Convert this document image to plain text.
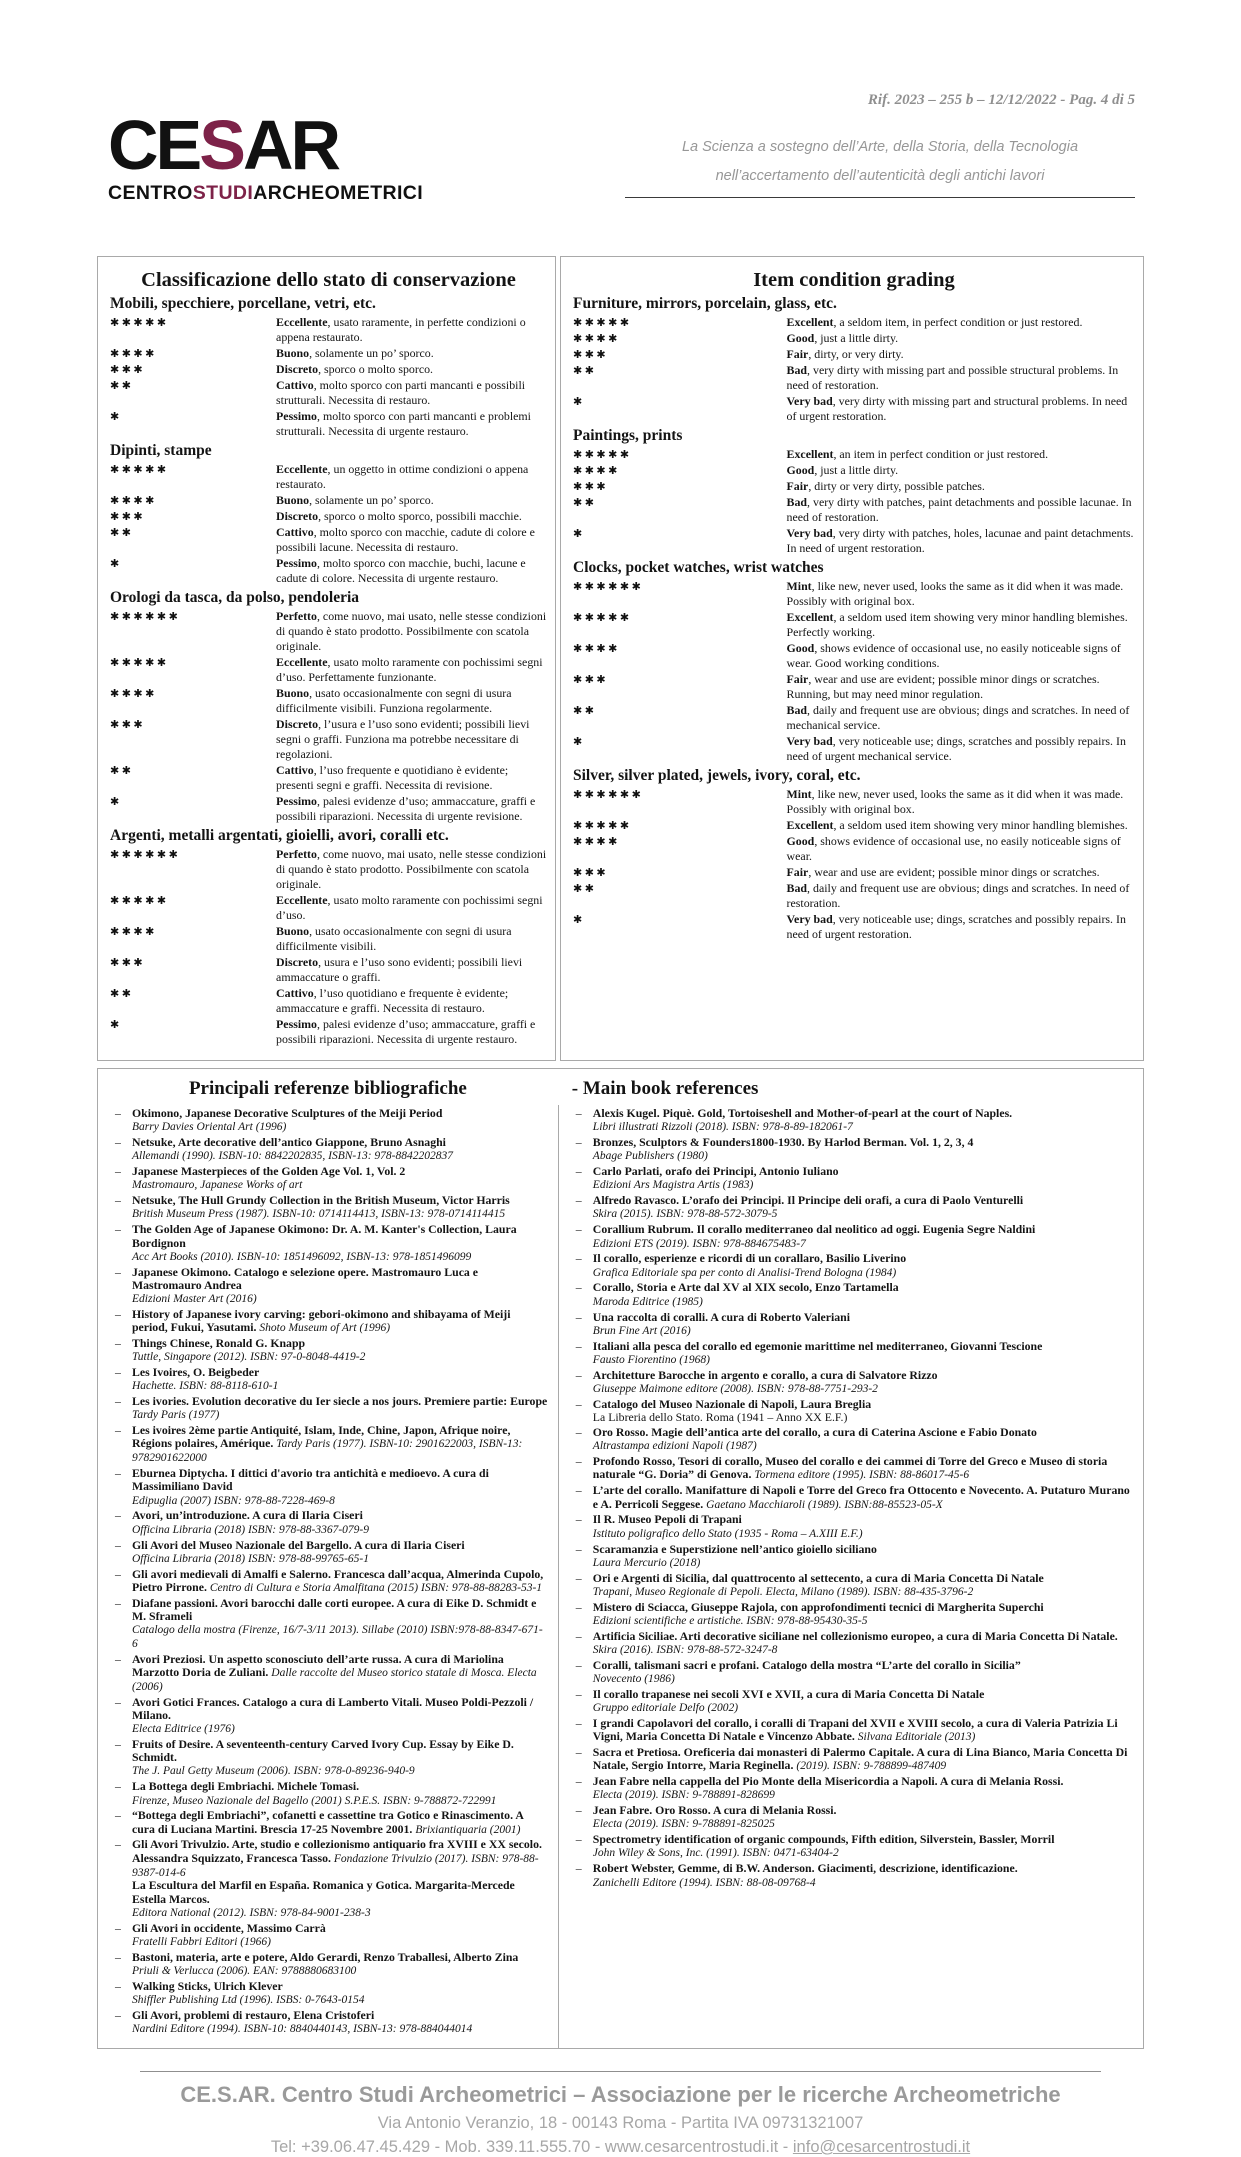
CESAR
CENTROSTUDIARCHEOMETRICI
Rif. 2023 – 255 b – 12/12/2022 - Pag. 4 di 5
La Scienza a sostegno dell’Arte, della Storia, della Tecnologia
nell’accertamento dell’autenticità degli antichi lavori
Classificazione dello stato di conservazione
Mobili, specchiere, porcellane, vetri, etc.
✱✱✱✱✱	Eccellente, usato raramente, in perfette condizioni o appena restaurato.
✱✱✱✱	Buono, solamente un po’ sporco.
✱✱✱	Discreto, sporco o molto sporco.
✱✱	Cattivo, molto sporco con parti mancanti e possibili strutturali. Necessita di restauro.
✱	Pessimo, molto sporco con parti mancanti e problemi strutturali. Necessita di urgente restauro.
Dipinti, stampe
✱✱✱✱✱	Eccellente, un oggetto in ottime condizioni o appena restaurato.
✱✱✱✱	Buono, solamente un po’ sporco.
✱✱✱	Discreto, sporco o molto sporco, possibili macchie.
✱✱	Cattivo, molto sporco con macchie, cadute di colore e possibili lacune. Necessita di restauro.
✱	Pessimo, molto sporco con macchie, buchi, lacune e cadute di colore. Necessita di urgente restauro.
Orologi da tasca, da polso, pendoleria
✱✱✱✱✱✱	Perfetto, come nuovo, mai usato, nelle stesse condizioni di quando è stato prodotto. Possibilmente con scatola originale.
✱✱✱✱✱	Eccellente, usato molto raramente con pochissimi segni d’uso. Perfettamente funzionante.
✱✱✱✱	Buono, usato occasionalmente con segni di usura difficilmente visibili. Funziona regolarmente.
✱✱✱	Discreto, l’usura e l’uso sono evidenti; possibili lievi segni o graffi. Funziona ma potrebbe necessitare di regolazioni.
✱✱	Cattivo, l’uso frequente e quotidiano è evidente; presenti segni e graffi. Necessita di revisione.
✱	Pessimo, palesi evidenze d’uso; ammaccature, graffi e possibili riparazioni. Necessita di urgente revisione.
Argenti, metalli argentati, gioielli, avori, coralli etc.
✱✱✱✱✱✱	Perfetto, come nuovo, mai usato, nelle stesse condizioni di quando è stato prodotto. Possibilmente con scatola originale.
✱✱✱✱✱	Eccellente, usato molto raramente con pochissimi segni d’uso.
✱✱✱✱	Buono, usato occasionalmente con segni di usura difficilmente visibili.
✱✱✱	Discreto, usura e l’uso sono evidenti; possibili lievi ammaccature o graffi.
✱✱	Cattivo, l’uso quotidiano e frequente è evidente; ammaccature e graffi. Necessita di restauro.
✱	Pessimo, palesi evidenze d’uso; ammaccature, graffi e possibili riparazioni. Necessita di urgente restauro.
Item condition grading
Furniture, mirrors, porcelain, glass, etc.
✱✱✱✱✱	Excellent, a seldom item, in perfect condition or just restored.
✱✱✱✱	Good, just a little dirty.
✱✱✱	Fair, dirty, or very dirty.
✱✱	Bad, very dirty with missing part and possible structural problems. In need of restoration.
✱	Very bad, very dirty with missing part and structural problems. In need of urgent restoration.
Paintings, prints
✱✱✱✱✱	Excellent, an item in perfect condition or just restored.
✱✱✱✱	Good, just a little dirty.
✱✱✱	Fair, dirty or very dirty, possible patches.
✱✱	Bad, very dirty with patches, paint detachments and possible lacunae. In need of restoration.
✱	Very bad, very dirty with patches, holes, lacunae and paint detachments. In need of urgent restoration.
Clocks, pocket watches, wrist watches
✱✱✱✱✱✱	Mint, like new, never used, looks the same as it did when it was made. Possibly with original box.
✱✱✱✱✱	Excellent, a seldom used item showing very minor handling blemishes. Perfectly working.
✱✱✱✱	Good, shows evidence of occasional use, no easily noticeable signs of wear. Good working conditions.
✱✱✱	Fair, wear and use are evident; possible minor dings or scratches. Running, but may need minor regulation.
✱✱	Bad, daily and frequent use are obvious; dings and scratches. In need of mechanical service.
✱	Very bad, very noticeable use; dings, scratches and possibly repairs. In need of urgent mechanical service.
Silver, silver plated, jewels, ivory, coral, etc.
✱✱✱✱✱✱	Mint, like new, never used, looks the same as it did when it was made. Possibly with original box.
✱✱✱✱✱	Excellent, a seldom used item showing very minor handling blemishes.
✱✱✱✱	Good, shows evidence of occasional use, no easily noticeable signs of wear.
✱✱✱	Fair, wear and use are evident; possible minor dings or scratches.
✱✱	Bad, daily and frequent use are obvious; dings and scratches. In need of restoration.
✱	Very bad, very noticeable use; dings, scratches and possibly repairs. In need of urgent restoration.
Principali referenze bibliografiche	- Main book references
– Okimono, Japanese Decorative Sculptures of the Meiji Period
Barry Davies Oriental Art (1996)
– Netsuke, Arte decorative dell’antico Giappone, Bruno Asnaghi
Allemandi (1990). ISBN-10: 8842202835, ISBN-13: 978-8842202837
– Japanese Masterpieces of the Golden Age Vol. 1, Vol. 2
Mastromauro, Japanese Works of art
– Netsuke, The Hull Grundy Collection in the British Museum, Victor Harris
British Museum Press (1987). ISBN-10: 0714114413, ISBN-13: 978-0714114415
– The Golden Age of Japanese Okimono: Dr. A. M. Kanter's Collection, Laura Bordignon
Acc Art Books (2010). ISBN-10: 1851496092, ISBN-13: 978-1851496099
– Japanese Okimono. Catalogo e selezione opere. Mastromauro Luca e Mastromauro Andrea
Edizioni Master Art (2016)
– History of Japanese ivory carving: gebori-okimono and shibayama of Meiji period, Fukui, Yasutami. Shoto Museum of Art (1996)
– Things Chinese, Ronald G. Knapp
Tuttle, Singapore (2012). ISBN: 97-0-8048-4419-2
– Les Ivoires, O. Beigbeder
Hachette. ISBN: 88-8118-610-1
– Les ivories. Evolution decorative du Ier siecle a nos jours. Premiere partie: Europe
Tardy Paris (1977)
– Les ivoires 2ème partie Antiquité, Islam, Inde, Chine, Japon, Afrique noire, Régions polaires, Amérique. Tardy Paris (1977). ISBN-10: 2901622003, ISBN-13: 9782901622000
– Eburnea Diptycha. I dittici d'avorio tra antichità e medioevo. A cura di Massimiliano David
Edipuglia (2007) ISBN: 978-88-7228-469-8
– Avori, un’introduzione. A cura di Ilaria Ciseri
Officina Libraria (2018) ISBN: 978-88-3367-079-9
– Gli Avori del Museo Nazionale del Bargello. A cura di Ilaria Ciseri
Officina Libraria (2018) ISBN: 978-88-99765-65-1
– Gli avori medievali di Amalfi e Salerno. Francesca dall’acqua, Almerinda Cupolo, Pietro Pirrone. Centro di Cultura e Storia Amalfitana (2015) ISBN: 978-88-88283-53-1
– Diafane passioni. Avori barocchi dalle corti europee. A cura di Eike D. Schmidt e M. Sframeli
Catalogo della mostra (Firenze, 16/7-3/11 2013). Sillabe (2010) ISBN:978-88-8347-671-6
– Avori Preziosi. Un aspetto sconosciuto dell’arte russa. A cura di Mariolina Marzotto Doria de Zuliani. Dalle raccolte del Museo storico statale di Mosca. Electa (2006)
– Avori Gotici Frances. Catalogo a cura di Lamberto Vitali. Museo Poldi-Pezzoli / Milano.
Electa Editrice (1976)
– Fruits of Desire. A seventeenth-century Carved Ivory Cup. Essay by Eike D. Schmidt.
The J. Paul Getty Museum (2006). ISBN: 978-0-89236-940-9
– La Bottega degli Embriachi. Michele Tomasi.
Firenze, Museo Nazionale del Bagello (2001) S.P.E.S. ISBN: 9-788872-722991
– “Bottega degli Embriachi”, cofanetti e cassettine tra Gotico e Rinascimento. A cura di Luciana Martini. Brescia 17-25 Novembre 2001. Brixiantiquaria (2001)
– Gli Avori Trivulzio. Arte, studio e collezionismo antiquario fra XVIII e XX secolo. Alessandra Squizzato, Francesca Tasso. Fondazione Trivulzio (2017). ISBN: 978-88-9387-014-6
La Escultura del Marfil en España. Romanica y Gotica. Margarita-Mercede Estella Marcos.
Editora National (2012). ISBN: 978-84-9001-238-3
– Gli Avori in occidente, Massimo Carrà
Fratelli Fabbri Editori (1966)
– Bastoni, materia, arte e potere, Aldo Gerardi, Renzo Traballesi, Alberto Zina
Priuli & Verlucca (2006). EAN: 9788880683100
– Walking Sticks, Ulrich Klever
Shiffler Publishing Ltd (1996). ISBS: 0-7643-0154
– Gli Avori, problemi di restauro, Elena Cristoferi
Nardini Editore (1994). ISBN-10: 8840440143, ISBN-13: 978-884044014
– Alexis Kugel. Piquè. Gold, Tortoiseshell and Mother-of-pearl at the court of Naples.
Libri illustrati Rizzoli (2018). ISBN: 978-8-89-182061-7
– Bronzes, Sculptors & Founders1800-1930. By Harlod Berman. Vol. 1, 2, 3, 4
Abage Publishers (1980)
– Carlo Parlati, orafo dei Principi, Antonio Iuliano
Edizioni Ars Magistra Artis (1983)
– Alfredo Ravasco. L’orafo dei Principi. Il Principe deli orafi, a cura di Paolo Venturelli
Skira (2015). ISBN: 978-88-572-3079-5
– Corallium Rubrum. Il corallo mediterraneo dal neolitico ad oggi. Eugenia Segre Naldini
Edizioni ETS (2019). ISBN: 978-884675483-7
– Il corallo, esperienze e ricordi di un corallaro, Basilio Liverino
Grafica Editoriale spa per conto di Analisi-Trend Bologna (1984)
– Corallo, Storia e Arte dal XV al XIX secolo, Enzo Tartamella
Maroda Editrice (1985)
– Una raccolta di coralli. A cura di Roberto Valeriani
Brun Fine Art (2016)
– Italiani alla pesca del corallo ed egemonie marittime nel mediterraneo, Giovanni Tescione
Fausto Fiorentino (1968)
– Architetture Barocche in argento e corallo, a cura di Salvatore Rizzo
Giuseppe Maimone editore (2008). ISBN: 978-88-7751-293-2
– Catalogo del Museo Nazionale di Napoli, Laura Breglia
La Libreria dello Stato. Roma (1941 – Anno XX E.F.)
– Oro Rosso. Magie dell’antica arte del corallo, a cura di Caterina Ascione e Fabio Donato
Altrastampa edizioni Napoli (1987)
– Profondo Rosso, Tesori di corallo, Museo del corallo e dei cammei di Torre del Greco e Museo di storia naturale “G. Doria” di Genova. Tormena editore (1995). ISBN: 88-86017-45-6
– L’arte del corallo. Manifatture di Napoli e Torre del Greco fra Ottocento e Novecento. A. Putaturo Murano e A. Perricoli Seggese. Gaetano Macchiaroli (1989). ISBN:88-85523-05-X
– Il R. Museo Pepoli di Trapani
Istituto poligrafico dello Stato (1935 - Roma – A.XIII E.F.)
– Scaramanzia e Superstizione nell’antico gioiello siciliano
Laura Mercurio (2018)
– Ori e Argenti di Sicilia, dal quattrocento al settecento, a cura di Maria Concetta Di Natale
Trapani, Museo Regionale di Pepoli. Electa, Milano (1989). ISBN: 88-435-3796-2
– Mistero di Sciacca, Giuseppe Rajola, con approfondimenti tecnici di Margherita Superchi
Edizioni scientifiche e artistiche. ISBN: 978-88-95430-35-5
– Artificia Siciliae. Arti decorative siciliane nel collezionismo europeo, a cura di Maria Concetta Di Natale. Skira (2016). ISBN: 978-88-572-3247-8
– Coralli, talismani sacri e profani. Catalogo della mostra “L’arte del corallo in Sicilia”
Novecento (1986)
– Il corallo trapanese nei secoli XVI e XVII, a cura di Maria Concetta Di Natale
Gruppo editoriale Delfo (2002)
– I grandi Capolavori del corallo, i coralli di Trapani del XVII e XVIII secolo, a cura di Valeria Patrizia Li Vigni, Maria Concetta Di Natale e Vincenzo Abbate. Silvana Editoriale (2013)
– Sacra et Pretiosa. Oreficeria dai monasteri di Palermo Capitale. A cura di Lina Bianco, Maria Concetta Di Natale, Sergio Intorre, Maria Reginella. (2019). ISBN: 9-788899-487409
– Jean Fabre nella cappella del Pio Monte della Misericordia a Napoli. A cura di Melania Rossi.
Electa (2019). ISBN: 9-788891-828699
– Jean Fabre. Oro Rosso. A cura di Melania Rossi.
Electa (2019). ISBN: 9-788891-825025
– Spectrometry identification of organic compounds, Fifth edition, Silverstein, Bassler, Morril
John Wiley & Sons, Inc. (1991). ISBN: 0471-63404-2
– Robert Webster, Gemme, di B.W. Anderson. Giacimenti, descrizione, identificazione.
Zanichelli Editore (1994). ISBN: 88-08-09768-4
CE.S.AR. Centro Studi Archeometrici – Associazione per le ricerche Archeometriche
Via Antonio Veranzio, 18 - 00143 Roma - Partita IVA 09731321007
Tel: +39.06.47.45.429 - Mob. 339.11.555.70 - www.cesarcentrostudi.it - info@cesarcentrostudi.it
